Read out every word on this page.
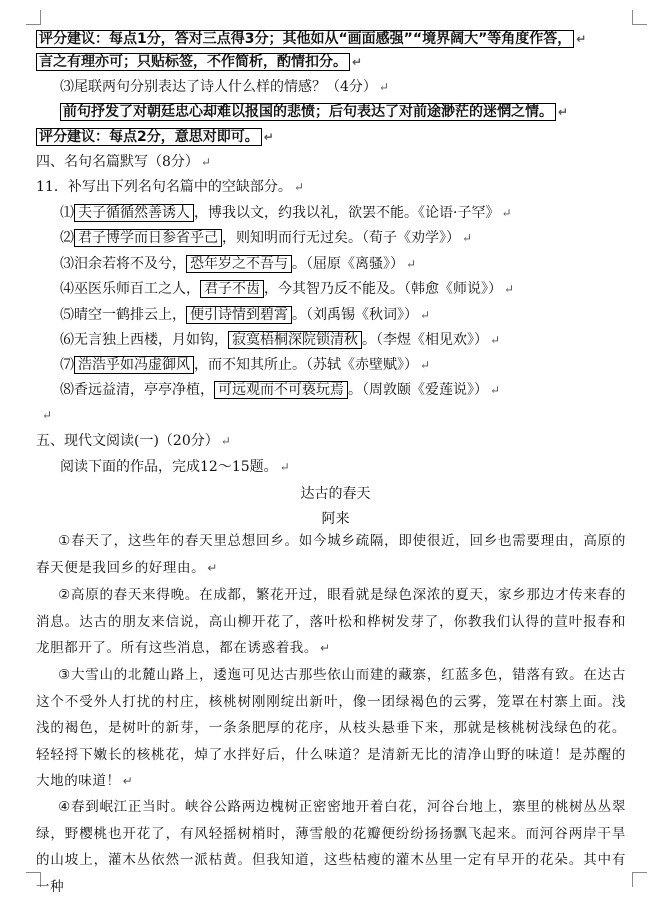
评分建议：每点1分，答对三点得3分；其他如从“画面感强”“境界阔大”等角度作答， ↵
言之有理亦可；只贴标签，不作简析，酌情扣分。 ↵
⑶尾联两句分别表达了诗人什么样的情感？（4分） ↵
前句抒发了对朝廷忠心却难以报国的悲愤；后句表达了对前途渺茫的迷惘之情。 ↵
评分建议：每点2分，意思对即可。 ↵
四、名句名篇默写（8分） ↵
11．补写出下列名句名篇中的空缺部分。 ↵
⑴ 夫子循循然善诱人 ，博我以文，约我以礼，欲罢不能。《论语·子罕》 ↵
⑵ 君子博学而日参省乎己 ，则知明而行无过矣。（荀子《劝学》） ↵
⑶汨余若将不及兮， 恐年岁之不吾与 。（屈原《离骚》） ↵
⑷巫医乐师百工之人， 君子不齿 ，今其智乃反不能及。（韩愈《师说》） ↵
⑸晴空一鹤排云上， 便引诗情到碧霄 。（刘禹锡《秋词》） ↵
⑹无言独上西楼，月如钩， 寂寞梧桐深院锁清秋 。（李煜《相见欢》） ↵
⑺ 浩浩乎如冯虚御风 ，而不知其所止。（苏轼《赤壁赋》） ↵
⑻香远益清，亭亭净植， 可远观而不可亵玩焉 。（周敦颐《爱莲说》） ↵
↵
五、现代文阅读(一)（20分） ↵
阅读下面的作品，完成12～15题。 ↵
达古的春天
阿来
①春天了，这些年的春天里总想回乡。如今城乡疏隔，即使很近，回乡也需要理由，高原的春天便是我回乡的好理由。 ↵
②高原的春天来得晚。在成都，繁花开过，眼看就是绿色深浓的夏天，家乡那边才传来春的消息。达古的朋友来信说，高山柳开花了，落叶松和桦树发芽了，你教我们认得的荁叶报春和龙胆都开了。所有这些消息，都在诱惑着我。 ↵
③大雪山的北麓山路上，逶迤可见达古那些依山而建的藏寨，红蓝多色，错落有致。在达古这个不受外人打扰的村庄，核桃树刚刚绽出新叶，像一团绿褐色的云雾，笼罩在村寨上面。浅浅的褐色，是树叶的新芽，一条条肥厚的花序，从枝头悬垂下来，那就是核桃树浅绿色的花。轻轻捋下嫩长的核桃花，焯了水拌好后，什么味道？是清新无比的清净山野的味道！是苏醒的大地的味道！ ↵
④春到岷江正当时。峡谷公路两边槐树正密密地开着白花，河谷台地上，寨里的桃树丛丛翠绿，野樱桃也开花了，有风轻摇树梢时，薄雪般的花瓣便纷纷扬扬飘飞起来。而河谷两岸干旱的山坡上，灌木丛依然一派枯黄。但我知道，这些枯瘦的灌木丛里一定有早开的花朵。其中有一种
